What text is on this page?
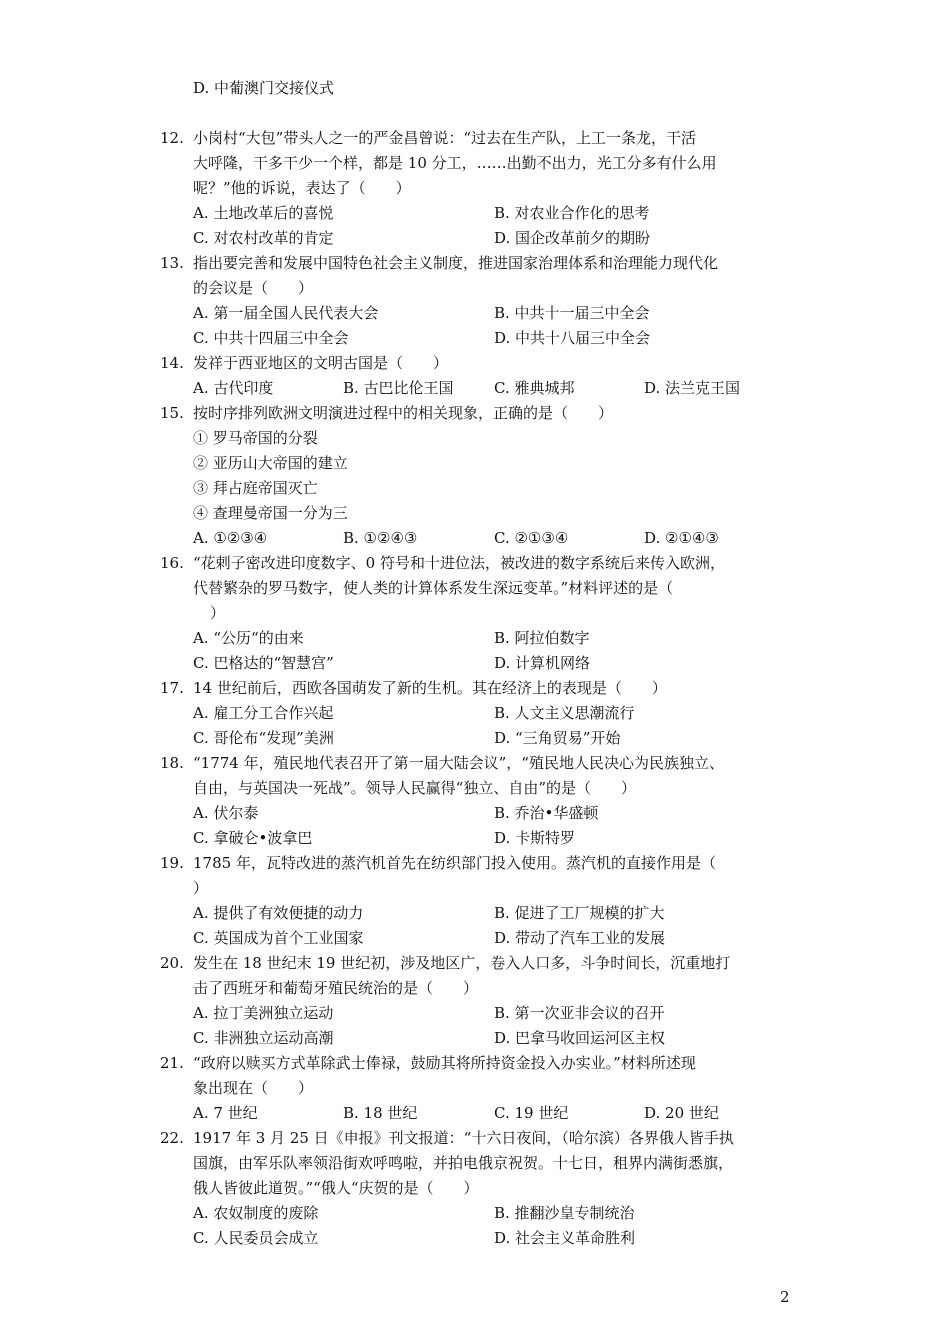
D. 中葡澳门交接仪式
12. 小岗村“大包”带头人之一的严金昌曾说：“过去在生产队，上工一条龙，干活
大呼隆，干多干少一个样，都是 10 分工，……出勤不出力，光工分多有什么用
呢？”他的诉说，表达了（　　）
A. 土地改革后的喜悦	B. 对农业合作化的思考
C. 对农村改革的肯定	D. 国企改革前夕的期盼
13. 指出要完善和发展中国特色社会主义制度，推进国家治理体系和治理能力现代化
的会议是（　　）
A. 第一届全国人民代表大会	B. 中共十一届三中全会
C. 中共十四届三中全会	D. 中共十八届三中全会
14. 发祥于西亚地区的文明古国是（　　）
A. 古代印度	B. 古巴比伦王国	C. 雅典城邦	D. 法兰克王国
15. 按时序排列欧洲文明演进过程中的相关现象，正确的是（　　）
① 罗马帝国的分裂
② 亚历山大帝国的建立
③ 拜占庭帝国灭亡
④ 查理曼帝国一分为三
A. ①②③④	B. ①②④③	C. ②①③④	D. ②①④③
16. “花剌子密改进印度数字、0 符号和十进位法，被改进的数字系统后来传入欧洲，
代替繁杂的罗马数字，使人类的计算体系发生深远变革。”材料评述的是（
）
A. “公历“的由来	B. 阿拉伯数字
C. 巴格达的“智慧宫”	D. 计算机网络
17. 14 世纪前后，西欧各国萌发了新的生机。其在经济上的表现是（　　）
A. 雇工分工合作兴起	B. 人文主义思潮流行
C. 哥伦布“发现”美洲	D. “三角贸易”开始
18. “1774 年，殖民地代表召开了第一届大陆会议”，“殖民地人民决心为民族独立、
自由，与英国决一死战”。领导人民赢得“独立、自由”的是（　　）
A. 伏尔泰	B. 乔治•华盛顿
C. 拿破仑•波拿巴	D. 卡斯特罗
19. 1785 年，瓦特改进的蒸汽机首先在纺织部门投入使用。蒸汽机的直接作用是（
）
A. 提供了有效便捷的动力	B. 促进了工厂规模的扩大
C. 英国成为首个工业国家	D. 带动了汽车工业的发展
20. 发生在 18 世纪末 19 世纪初，涉及地区广，卷入人口多，斗争时间长，沉重地打
击了西班牙和葡萄牙殖民统治的是（　　）
A. 拉丁美洲独立运动	B. 第一次亚非会议的召开
C. 非洲独立运动高潮	D. 巴拿马收回运河区主权
21. “政府以赎买方式革除武士俸禄，鼓励其将所持资金投入办实业。”材料所述现
象出现在（　　）
A. 7 世纪	B. 18 世纪	C. 19 世纪	D. 20 世纪
22. 1917 年 3 月 25 日《申报》刊文报道：“十六日夜间，（哈尔滨）各界俄人皆手执
国旗，由军乐队率领沿街欢呼鸣啦，并拍电俄京祝贺。十七日，租界内满街悉旗，
俄人皆彼此道贺。”“俄人“庆贺的是（　　）
A. 农奴制度的废除	B. 推翻沙皇专制统治
C. 人民委员会成立	D. 社会主义革命胜利
2
